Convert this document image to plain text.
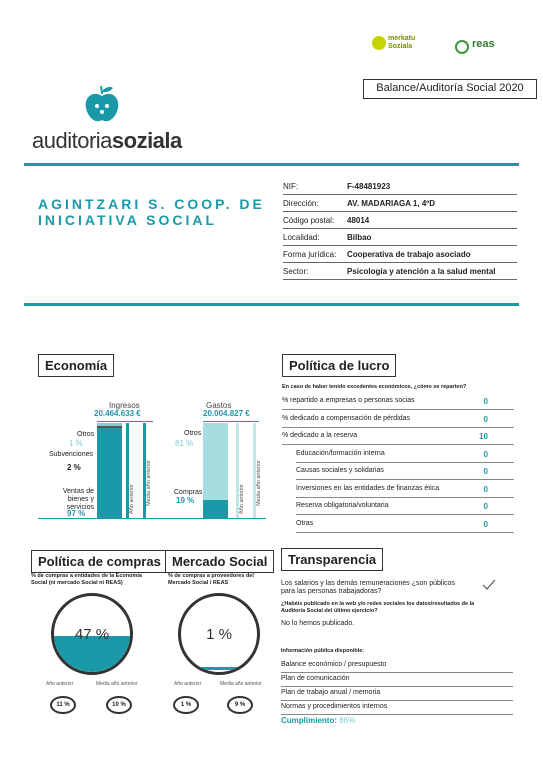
merkatu
Soziala	reas
Balance/Auditoría Social 2020
auditoriasoziala
AGINTZARI S. COOP. DE INICIATIVA SOCIAL
NIF:	F-48481923
Dirección:	AV. MADARIAGA 1, 4ºD
Código postal: 48014
Localidad:	Bilbao
Forma jurídica: Cooperativa de trabajo asociado
Sector:	Psicología y atención a la salud mental
Economía
Ingresos
20.464.633 €
Gastos
20.004.827 €
Año anterior Media año anterior
Otros
1 %
Subvenciones
2 %
Ventas de bienes y servicios
97 %	Año anterior Media año anterior
Otros
81 %
Compras
19 %
Política de lucro
En caso de haber tenido excedentes económicos, ¿cómo se reparten?
% repartido a empresas o personas socias	0
% dedicado a compensación de pérdidas	0
% dedicado a la reserva	10
Educación/formación interna	0
Causas sociales y solidarias	0
Inversiones en las entidades de finanzas ética	0
Reserva obligatoria/voluntaria	0
Otras	0
Política de compras
% de compras a entidades de la Economía Social (ni mercado Social ni REAS)
47 %
Año anterior	Media año anterior
11 %	10 %
Mercado Social
% de compras a proveedores del Mercado Social / REAS
1 %
Año anterior	Media año anterior
1 %	9 %
Transparencia
Los salarios y las demás remuneraciones ¿son públicos para las personas trabajadoras?
¿Habéis publicado en la web y/o redes sociales los datos/resultados de la Auditoría Social del último ejercicio?
No lo hemos publicado.
Información pública disponible:
Balance económico / presupuesto
Plan de comunicación
Plan de trabajo anual / memoria
Normas y procedimientos internos
Cumplimiento: 86%
